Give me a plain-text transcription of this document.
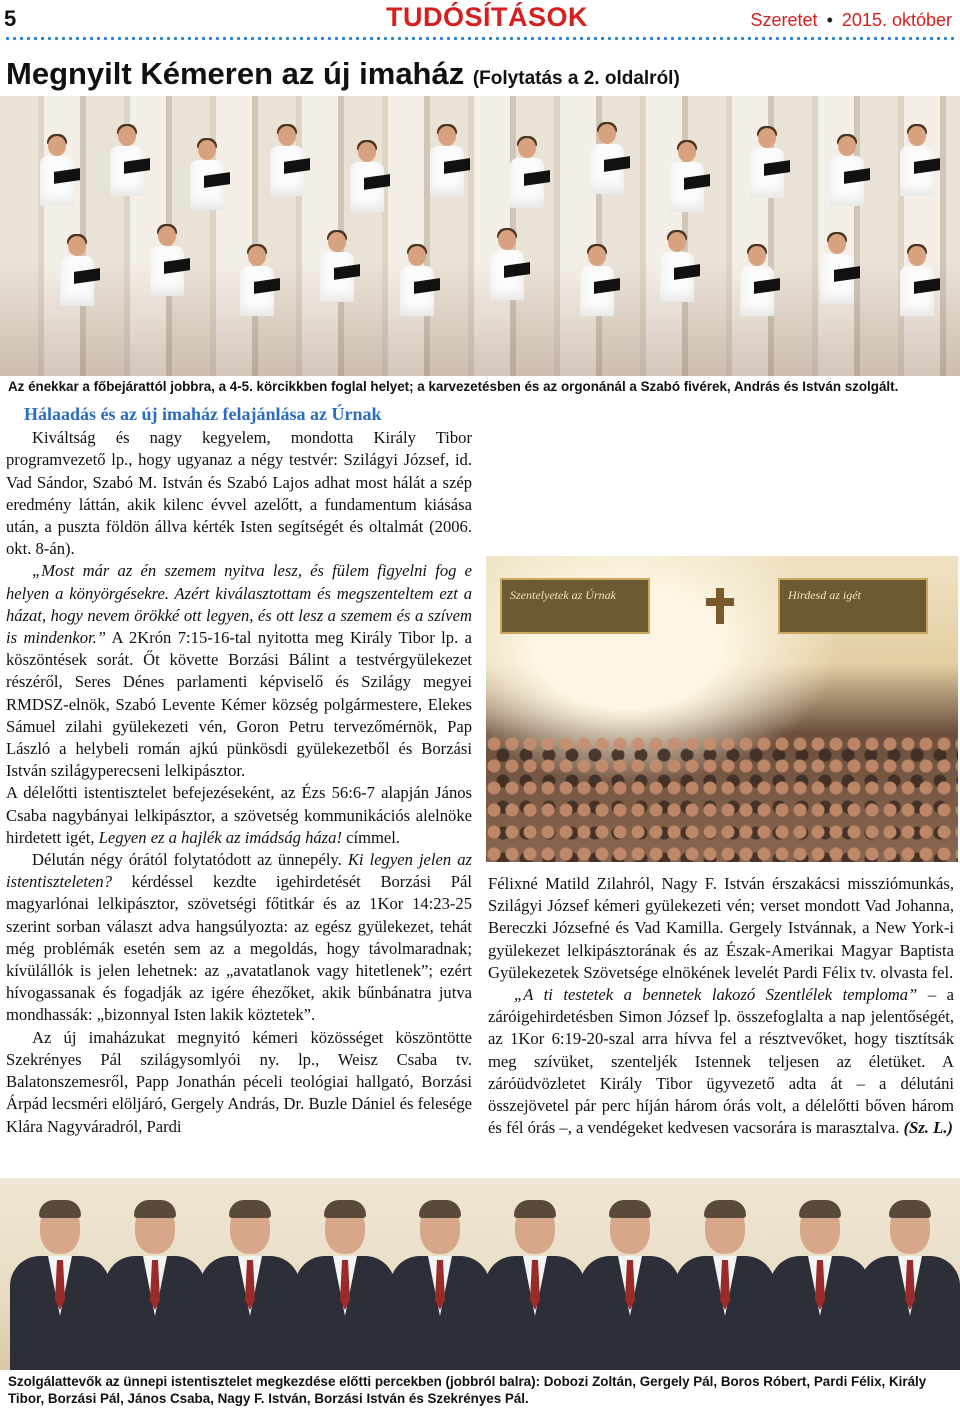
5	TUDÓSÍTÁSOK	Szeretet • 2015. október
Megnyilt Kémeren az új imaház (Folytatás a 2. oldalról)
Az énekkar a főbejárattól jobbra, a 4-5. körcikkben foglal helyet; a karvezetésben és az orgonánál a Szabó fivérek, András és István szolgált.
Hálaadás és az új imaház felajánlása az Úrnak

Kiváltság és nagy kegyelem, mondotta Király Tibor programvezető lp., hogy ugyanaz a négy testvér: Szilágyi József, id. Vad Sándor, Szabó M. István és Szabó Lajos adhat most hálát a szép eredmény láttán, akik kilenc évvel azelőtt, a fundamentum kiásása után, a puszta földön állva kérték Isten segítségét és oltalmát (2006. okt. 8-án).

„Most már az én szemem nyitva lesz, és fülem figyelni fog e helyen a könyörgésekre. Azért kiválasztottam és megszenteltem ezt a házat, hogy nevem örökké ott legyen, és ott lesz a szemem és a szívem is mindenkor.” A 2Krón 7:15-16-tal nyitotta meg Király Tibor lp. a köszöntések sorát. Őt követte Borzási Bálint a testvérgyülekezet részéről, Seres Dénes parlamenti képviselő és Szilágy megyei RMDSZ-elnök, Szabó Levente Kémer község polgármestere, Elekes Sámuel zilahi gyülekezeti vén, Goron Petru tervezőmérnök, Pap László a helybeli román ajkú pünkösdi gyülekezetből és Borzási István szilágyperecseni lelkipásztor.

A délelőtti istentisztelet befejezéseként, az Ézs 56:6-7 alapján János Csaba nagybányai lelkipásztor, a szövetség kommunikációs alelnöke hirdetett igét, Legyen ez a hajlék az imádság háza! címmel.

Délután négy órától folytatódott az ünnepély. Ki legyen jelen az istentiszteleten? kérdéssel kezdte igehirdetését Borzási Pál magyarlónai lelkipásztor, szövetségi főtitkár és az 1Kor 14:23-25 szerint sorban választ adva hangsúlyozta: az egész gyülekezet, tehát még problémák esetén sem az a megoldás, hogy távolmaradnak; kívülállók is jelen lehetnek: az „avatatlanok vagy hitetlenek”; ezért hívogassanak és fogadják az igére éhezőket, akik bűnbánatra jutva mondhassák: „bizonnyal Isten lakik köztetek”.

Az új imaházukat megnyitó kémeri közösséget köszöntötte Szekrényes Pál szilágysomlyói ny. lp., Weisz Csaba tv. Balatonszemesről, Papp Jonathán péceli teológiai hallgató, Borzási Árpád lecsméri elöljáró, Gergely András, Dr. Buzle Dániel és felesége Klára Nagyváradról, Pardi

Szentelyetek az Úrnak	Hirdesd az igét

Félixné Matild Zilahról, Nagy F. István érszakácsi missziómunkás, Szilágyi József kémeri gyülekezeti vén; verset mondott Vad Johanna, Bereczki Józsefné és Vad Kamilla. Gergely Istvánnak, a New York-i gyülekezet lelkipásztorának és az Észak-Amerikai Magyar Baptista Gyülekezetek Szövetsége elnökének levelét Pardi Félix tv. olvasta fel.

„A ti testetek a bennetek lakozó Szentlélek temploma” – a záróigehirdetésben Simon József lp. összefoglalta a nap jelentőségét, az 1Kor 6:19-20-szal arra hívva fel a résztvevőket, hogy tisztítsák meg szívüket, szenteljék Istennek teljesen az életüket. A záróüdvözletet Király Tibor ügyvezető adta át – a délutáni összejövetel pár perc híján három órás volt, a délelőtti bőven három és fél órás –, a vendégeket kedvesen vacsorára is marasztalva. (Sz. L.)

Szolgálattevők az ünnepi istentisztelet megkezdése előtti percekben (jobbról balra): Dobozi Zoltán, Gergely Pál, Boros Róbert, Pardi Félix, Király Tibor, Borzási Pál, János Csaba, Nagy F. István, Borzási István és Szekrényes Pál.
